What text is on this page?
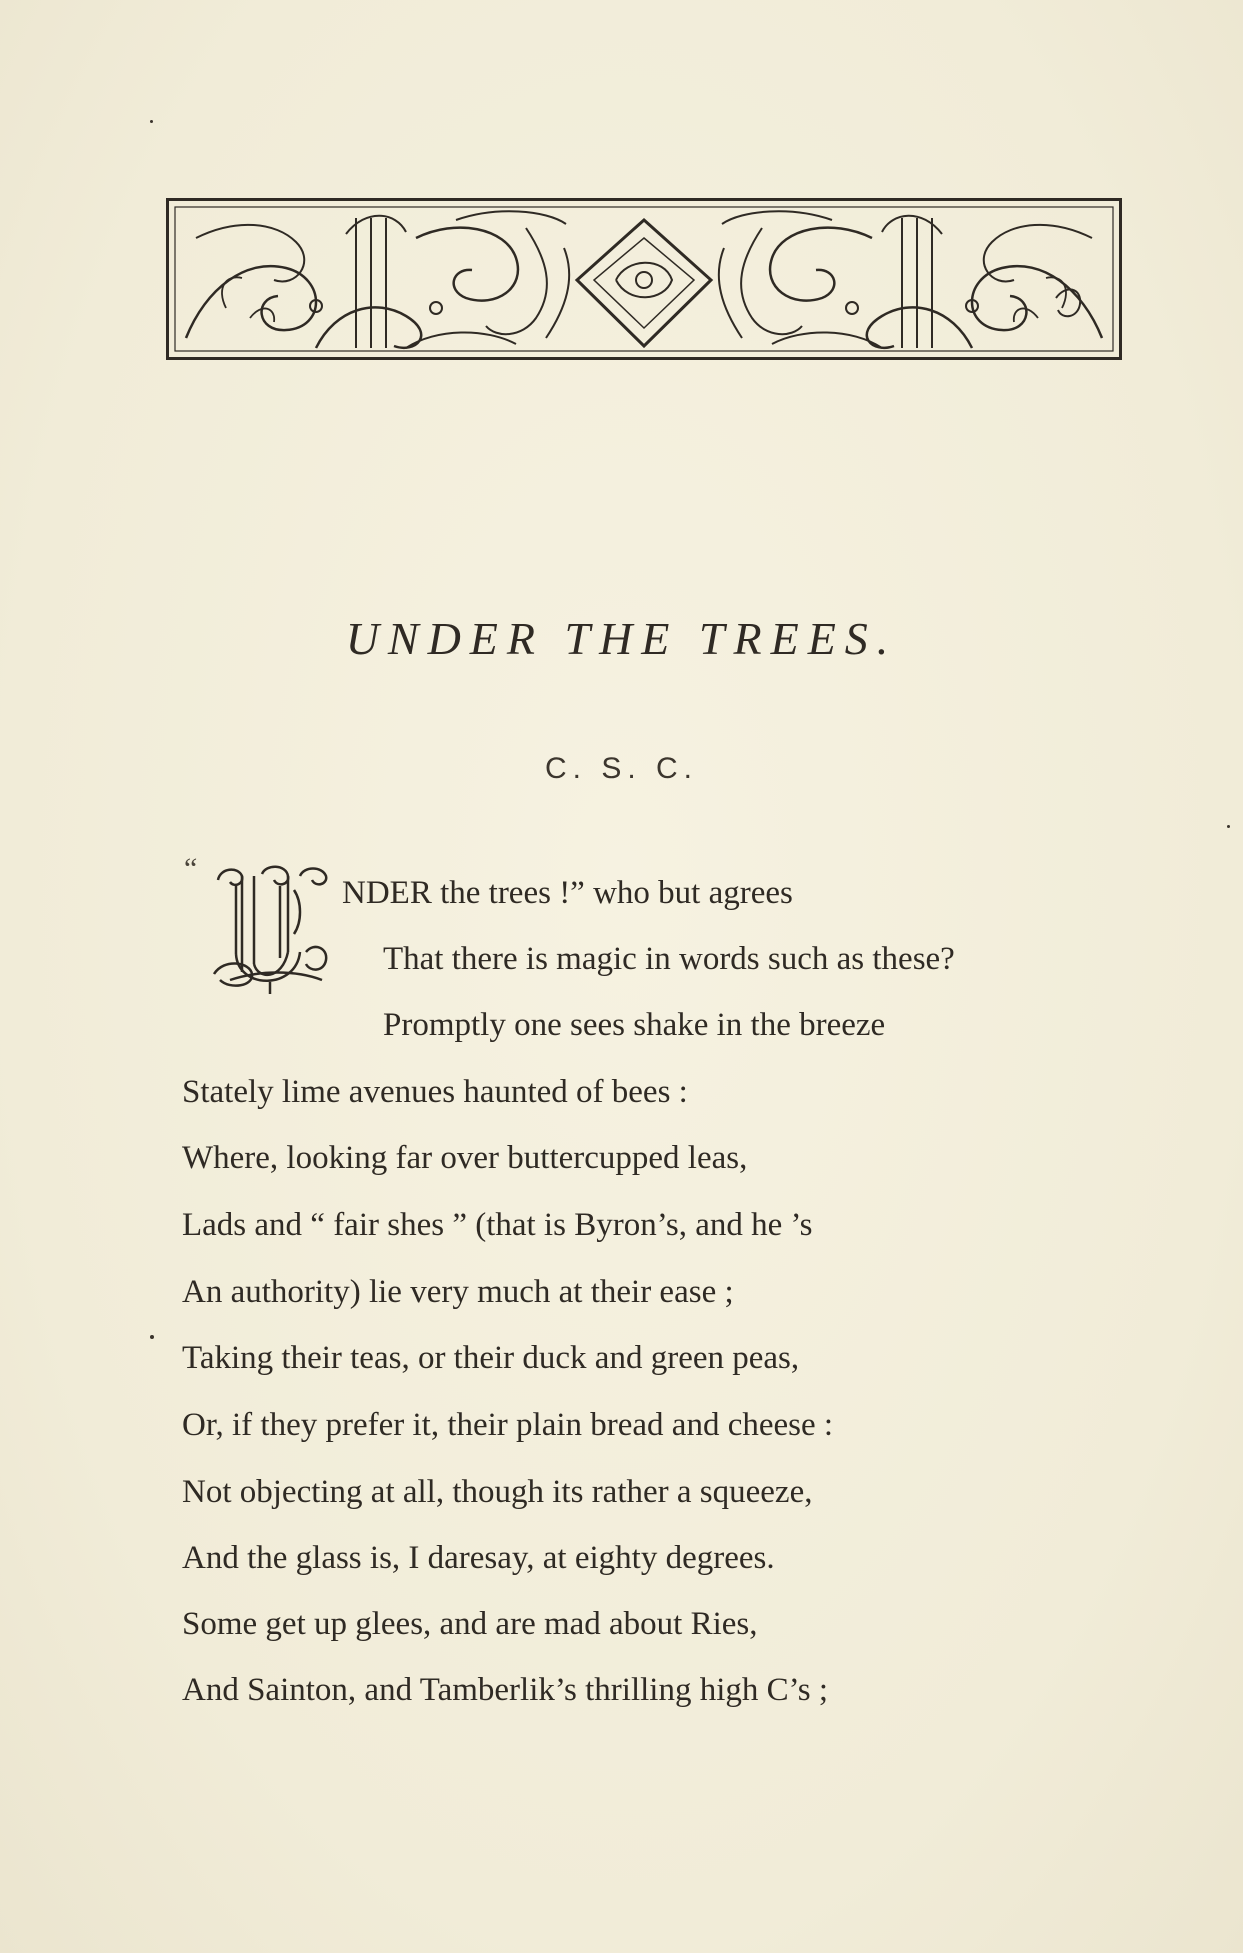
UNDER THE TREES.
C. S. C.
“
NDER the trees !” who but agrees
That there is magic in words such as these?
Promptly one sees shake in the breeze
Stately lime avenues haunted of bees :
Where, looking far over buttercupped leas,
Lads and “ fair shes ” (that is Byron’s, and he ’s
An authority) lie very much at their ease ;
Taking their teas, or their duck and green peas,
Or, if they prefer it, their plain bread and cheese :
Not objecting at all, though its rather a squeeze,
And the glass is, I daresay, at eighty degrees.
Some get up glees, and are mad about Ries,
And Sainton, and Tamberlik’s thrilling high C’s ;
